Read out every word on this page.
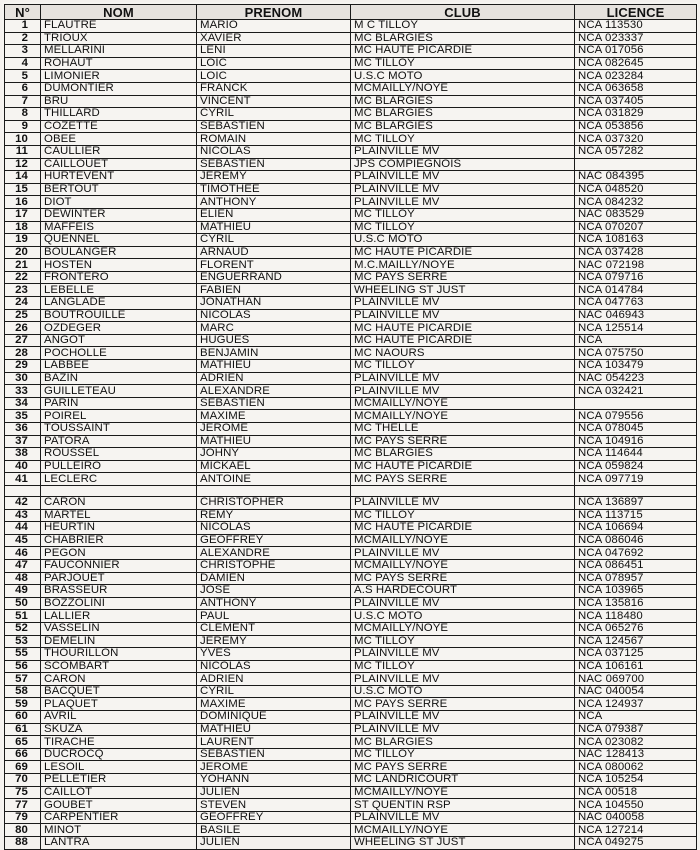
N°	NOM	PRENOM	CLUB	LICENCE
1	FLAUTRE	MARIO	M C TILLOY	NCA 113530
2	TRIOUX	XAVIER	MC BLARGIES	NCA 023337
3	MELLARINI	LENI	MC HAUTE PICARDIE	NCA 017056
4	ROHAUT	LOIC	MC TILLOY	NCA 082645
5	LIMONIER	LOIC	U.S.C MOTO	NCA 023284
6	DUMONTIER	FRANCK	MCMAILLY/NOYE	NCA 063658
7	BRU	VINCENT	MC BLARGIES	NCA 037405
8	THILLARD	CYRIL	MC BLARGIES	NCA 031829
9	COZETTE	SEBASTIEN	MC BLARGIES	NCA 053856
10	OBEE	ROMAIN	MC TILLOY	NCA 037320
11	CAULLIER	NICOLAS	PLAINVILLE MV	NCA 057282
12	CAILLOUET	SEBASTIEN	JPS COMPIEGNOIS	
14	HURTEVENT	JEREMY	PLAINVILLE MV	NAC 084395
15	BERTOUT	TIMOTHEE	PLAINVILLE MV	NCA 048520
16	DIOT	ANTHONY	PLAINVILLE MV	NCA 084232
17	DEWINTER	ELIEN	MC TILLOY	NAC 083529
18	MAFFEIS	MATHIEU	MC TILLOY	NCA 070207
19	QUENNEL	CYRIL	U.S.C MOTO	NCA 108163
20	BOULANGER	ARNAUD	MC HAUTE PICARDIE	NCA 037428
21	HOSTEN	FLORENT	M.C.MAILLY/NOYE	NAC 072198
22	FRONTERO	ENGUERRAND	MC PAYS SERRE	NCA 079716
23	LEBELLE	FABIEN	WHEELING ST JUST	NCA 014784
24	LANGLADE	JONATHAN	PLAINVILLE MV	NCA 047763
25	BOUTROUILLE	NICOLAS	PLAINVILLE MV	NAC 046943
26	OZDEGER	MARC	MC HAUTE PICARDIE	NCA 125514
27	ANGOT	HUGUES	MC HAUTE PICARDIE	NCA
28	POCHOLLE	BENJAMIN	MC NAOURS	NCA 075750
29	LABBEE	MATHIEU	MC TILLOY	NCA 103479
30	BAZIN	ADRIEN	PLAINVILLE MV	NAC 054223
33	GUILLETEAU	ALEXANDRE	PLAINVILLE MV	NCA 032421
34	PARIN	SEBASTIEN	MCMAILLY/NOYE	
35	POIREL	MAXIME	MCMAILLY/NOYE	NCA 079556
36	TOUSSAINT	JEROME	MC THELLE	NCA 078045
37	PATORA	MATHIEU	MC PAYS SERRE	NCA 104916
38	ROUSSEL	JOHNY	MC BLARGIES	NCA 114644
40	PULLEIRO	MICKAEL	MC HAUTE PICARDIE	NCA 059824
41	LECLERC	ANTOINE	MC PAYS SERRE	NCA 097719

42	CARON	CHRISTOPHER	PLAINVILLE MV	NCA 136897
43	MARTEL	REMY	MC TILLOY	NCA 113715
44	HEURTIN	NICOLAS	MC HAUTE PICARDIE	NCA 106694
45	CHABRIER	GEOFFREY	MCMAILLY/NOYE	NCA 086046
46	PEGON	ALEXANDRE	PLAINVILLE MV	NCA 047692
47	FAUCONNIER	CHRISTOPHE	MCMAILLY/NOYE	NCA 086451
48	PARJOUET	DAMIEN	MC PAYS SERRE	NCA 078957
49	BRASSEUR	JOSE	A.S HARDECOURT	NCA 103965
50	BOZZOLINI	ANTHONY	PLAINVILLE MV	NCA 135816
51	LALLIER	PAUL	U.S.C MOTO	NCA 118480
52	VASSELIN	CLEMENT	MCMAILLY/NOYE	NCA 065276
53	DEMELIN	JEREMY	MC TILLOY	NCA 124567
55	THOURILLON	YVES	PLAINVILLE MV	NCA 037125
56	SCOMBART	NICOLAS	MC TILLOY	NCA 106161
57	CARON	ADRIEN	PLAINVILLE MV	NAC 069700
58	BACQUET	CYRIL	U.S.C MOTO	NAC 040054
59	PLAQUET	MAXIME	MC PAYS SERRE	NCA 124937
60	AVRIL	DOMINIQUE	PLAINVILLE MV	NCA
61	SKUZA	MATHIEU	PLAINVILLE MV	NCA 079387
65	TIRACHE	LAURENT	MC BLARGIES	NCA 023082
66	DUCROCQ	SEBASTIEN	MC TILLOY	NAC 128413
69	LESOIL	JEROME	MC PAYS SERRE	NCA 080062
70	PELLETIER	YOHANN	MC LANDRICOURT	NCA 105254
75	CAILLOT	JULIEN	MCMAILLY/NOYE	NCA 00518
77	GOUBET	STEVEN	ST QUENTIN RSP	NCA 104550
79	CARPENTIER	GEOFFREY	PLAINVILLE MV	NAC 040058
80	MINOT	BASILE	MCMAILLY/NOYE	NCA 127214
88	LANTRA	JULIEN	WHEELING ST JUST	NCA 049275
